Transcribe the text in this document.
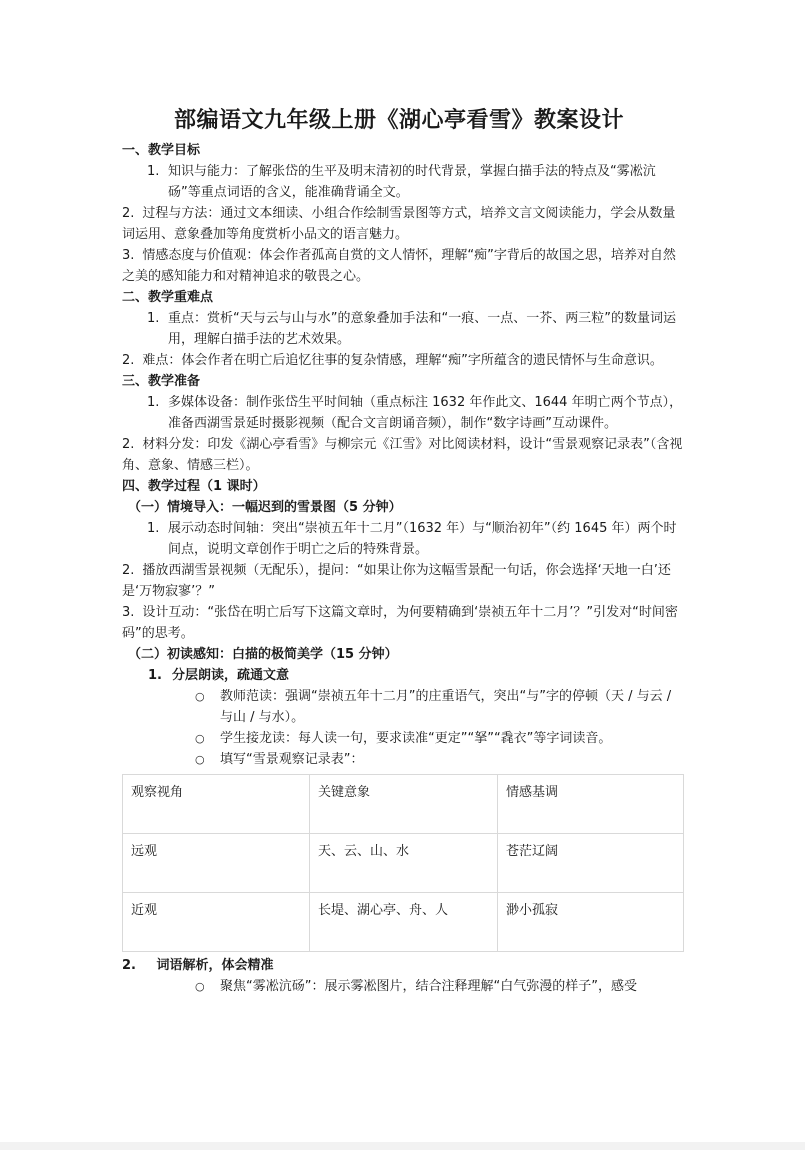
部编语文九年级上册《湖心亭看雪》教案设计
一、教学目标
1. 知识与能力：了解张岱的生平及明末清初的时代背景，掌握白描手法的特点及“雾凇沆砀”等重点词语的含义，能准确背诵全文。

2. 过程与方法：通过文本细读、小组合作绘制雪景图等方式，培养文言文阅读能力，学会从数量词运用、意象叠加等角度赏析小品文的语言魅力。

3. 情感态度与价值观：体会作者孤高自赏的文人情怀，理解“痴”字背后的故国之思，培养对自然之美的感知能力和对精神追求的敬畏之心。

二、教学重难点
1. 重点：赏析“天与云与山与水”的意象叠加手法和“一痕、一点、一芥、两三粒”的数量词运用，理解白描手法的艺术效果。

2. 难点：体会作者在明亡后追忆往事的复杂情感，理解“痴”字所蕴含的遗民情怀与生命意识。

三、教学准备
1. 多媒体设备：制作张岱生平时间轴（重点标注 1632 年作此文、1644 年明亡两个节点），准备西湖雪景延时摄影视频（配合文言朗诵音频），制作“数字诗画”互动课件。

2. 材料分发：印发《湖心亭看雪》与柳宗元《江雪》对比阅读材料，设计“雪景观察记录表”（含视角、意象、情感三栏）。

四、教学过程（1 课时）
（一）情境导入：一幅迟到的雪景图（5 分钟）
1. 展示动态时间轴：突出“崇祯五年十二月”（1632 年）与“顺治初年”（约 1645 年）两个时间点，说明文章创作于明亡之后的特殊背景。

2. 播放西湖雪景视频（无配乐），提问：“如果让你为这幅雪景配一句话，你会选择‘天地一白’还是‘万物寂寥’？”

3. 设计互动：“张岱在明亡后写下这篇文章时，为何要精确到‘崇祯五年十二月’？”引发对“时间密码”的思考。

（二）初读感知：白描的极简美学（15 分钟）
1. 分层朗读，疏通文意
○ 教师范读：强调“崇祯五年十二月”的庄重语气，突出“与”字的停顿（天 / 与云 / 与山 / 与水）。
○ 学生接龙读：每人读一句，要求读准“更定”“拏”“毳衣”等字词读音。
○ 填写“雪景观察记录表”：
观察视角	关键意象	情感基调
远观	天、云、山、水	苍茫辽阔
近观	长堤、湖心亭、舟、人	渺小孤寂
2. 词语解析，体会精准
○ 聚焦“雾凇沆砀”：展示雾凇图片，结合注释理解“白气弥漫的样子”，感受
